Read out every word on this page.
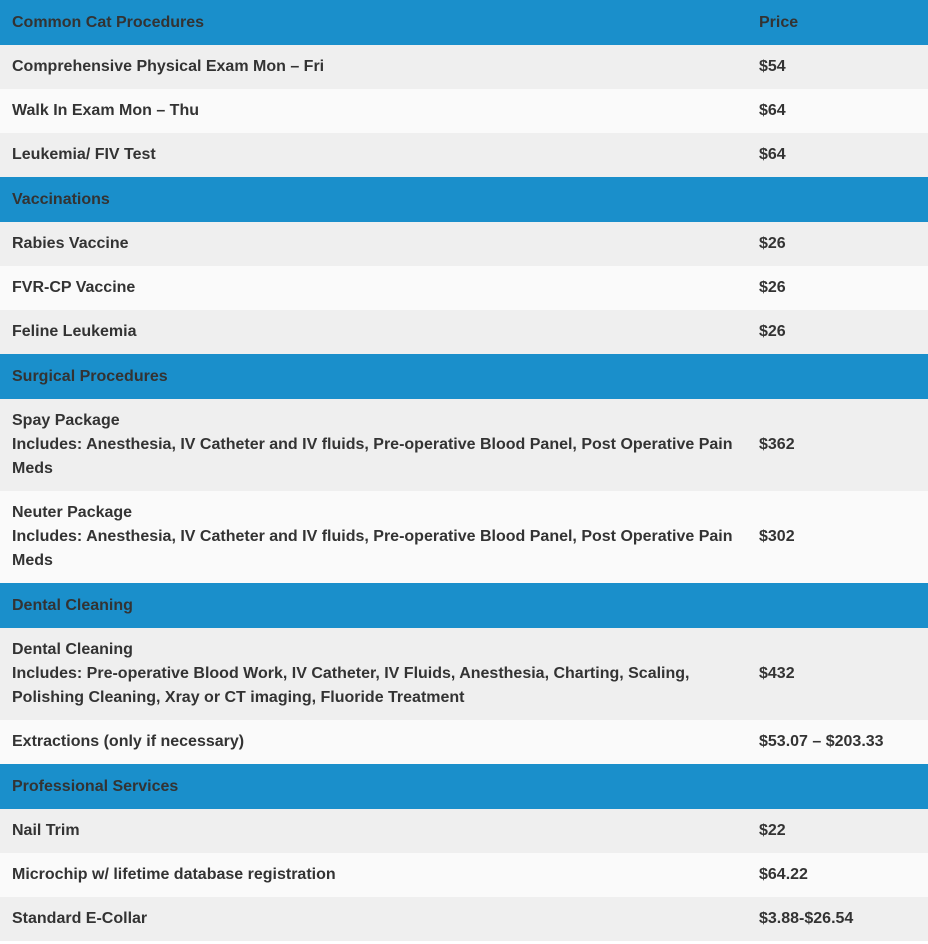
Common Cat Procedures	Price

Comprehensive Physical Exam Mon – Fri	$54

Walk In Exam Mon – Thu	$64

Leukemia/ FIV Test	$64
Vaccinations	

Rabies Vaccine	$26

FVR-CP Vaccine	$26

Feline Leukemia	$26
Surgical Procedures	

Spay Package
Includes: Anesthesia, IV Catheter and IV fluids, Pre-operative Blood Panel, Post Operative Pain Meds	$362

Neuter Package
Includes: Anesthesia, IV Catheter and IV fluids, Pre-operative Blood Panel, Post Operative Pain Meds	$302
Dental Cleaning	

Dental Cleaning
Includes: Pre-operative Blood Work, IV Catheter, IV Fluids, Anesthesia, Charting, Scaling, Polishing Cleaning, Xray or CT imaging, Fluoride Treatment	$432

Extractions (only if necessary)	$53.07 – $203.33
Professional Services	

Nail Trim	$22

Microchip w/ lifetime database registration	$64.22

Standard E-Collar	$3.88-$26.54
